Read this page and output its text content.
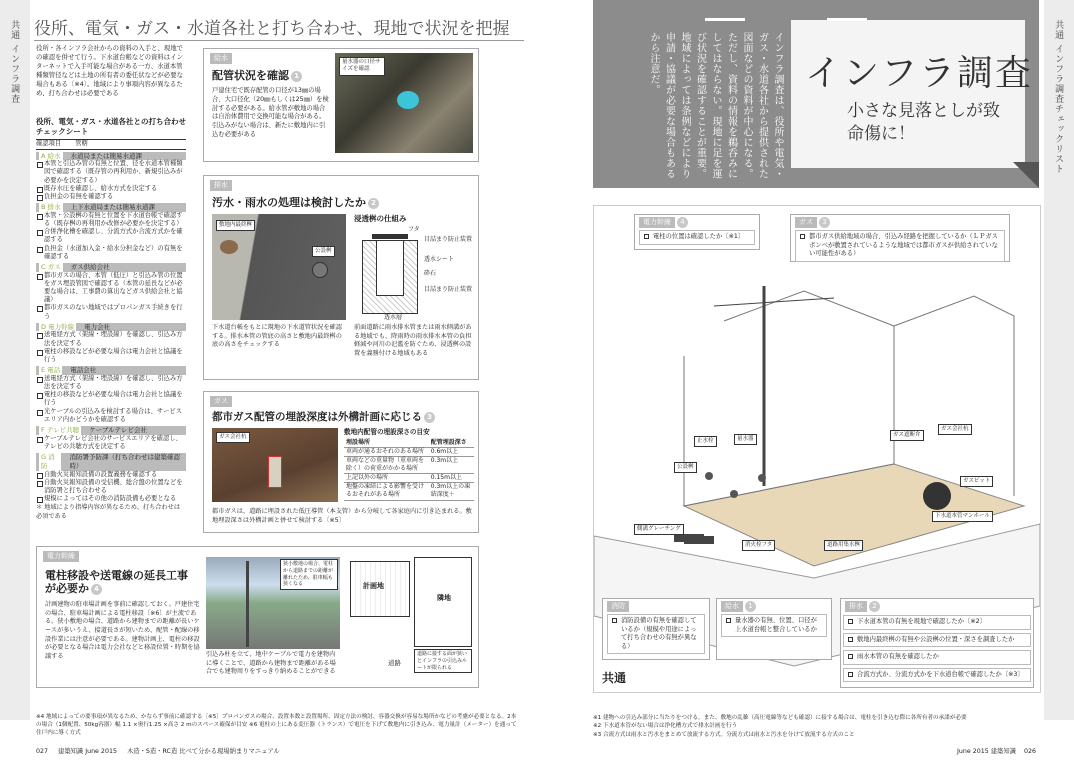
共通 インフラ調査 役所、電気・ガス・水道各社と打ち合わせ、現地で状況を把握
役所・各インフラ会社からの資料の入手と、現地での確認を併せて行う。下水道台帳などの資料はインターネットで入手可能な場合がある一方、水道本管種類管径などは土地の所有者の委任状などが必要な場合もある〔※4〕。地域により事項内容が異なるため、打ち合わせは必要である
役所、電気・ガス・水道各社との打ち合わせチェックシート
確認項目 管轄
A 給水	水道局または簡易水道課
本管と引込み管の有無と位置、径を水道本管種類図で確認する（既存管の再利用か、新規引込みが必要かを決定する）
既存水圧を確認し、給水方式を決定する
負担金の有無を確認する
B 排水	上下水道局または簡易水道課
本管・公設桝の有無と位置を下水道台帳で確認する（既存桝の再利用か改修が必要かを決定する）
合併浄化槽を確認し、分流方式か合流方式かを確認する
負担金（水道加入金・給水分担金など）の有無を確認する
C ガス	ガス供給会社
都市ガスの場合、本管（低圧）と引込み管の位置をガス埋設管図で確認する（本管の延長などが必要な場合は、工事費の算出などガス供給会社と協議）
都市ガスのない地域ではプロパンガス手続きを行う
D 電力幹線	電力会社
送電経方式（架線・埋設線）を確認し、引込み方法を決定する
電柱の移設などが必要な場合は電力会社と協議を行う
E 電話	電話会社
送電経方式（架線・埋設線）を確認し、引込み方法を決定する
電柱の移設などが必要な場合は電力会社と協議を行う
光ケーブルの引込みを検討する場合は、サービスエリア内かどうかを確認する
F テレビ共聴	ケーブルテレビ会社
ケーブルテレビ会社のサービスエリアを確認し、テレビの共聴方式を決定する
G 消防
消防署予防課（打ち合わせは建築確認時）
自動火災報知設備の設置義務を確認する
自動火災報知設備の受信機、総合盤の位置などを消防署と打ち合わせる
規模によってはその他の消防設備も必要となる
＊ 地域により指導内容が異なるため、打ち合わせは必須である
給水
配管状況を確認 1
戸建住宅で既存配管の口径が13㎜の場合、大口径化（20㎜もしくは25㎜）を検討する必要がある。給水管が敷地の場合は自治体費用で交換可能な場合がある。引込みがない場合は、新たに敷地内に引込む必要がある
量水器の口径サイズを確認
排水
汚水・雨水の処理は検討したか 2
敷地内最終桝
公設桝
下水道台帳をもとに現地の下水道管状況を確認する。排水本管の管底の高さと敷地内最終桝の底の高さをチェックする
浸透桝の仕組み
フタ
目詰まり防止装置
透水シート
砕石
目詰まり防止装置
透水層
前面道路に雨水排水管または雨水側溝がある地域でも、降雨時の雨水排水本管の負担軽減や河川の氾濫を防ぐため、浸透桝の設置を義務付ける地域もある
ガス
都市ガス配管の埋設深度は外構計画に応じる 3
ガス会社杭
敷地内配管の埋設深さの目安
埋設場所	配管埋設深さ
車両が通るおそれのある場所	0.6m以上
車両などの重量物（重車両を除く）の荷重がかかる場所	0.3m以上
上記以外の場所	0.15m以上
地盤の凍結による影響を受けるおそれがある場所	0.3m以上の凍結深度＋
都市ガスは、道路に埋設された低圧導管（本支管）から分岐して各家庭内に引き込まれる。敷地埋設深さは外構計画と併せて検討する〔※5〕
電力幹線
電柱移設や送電線の延長工事が必要か 4
計画建物の駐車場計画を事前に確認しておく。戸建住宅の場合、駐車場計画による電柱移設〔※6〕が主流である。狭小敷地の場合、道路から建物までの距離が長いケースが多いうえ、接道長さが短いため、配管・配線の移設作業には注意が必要である。建物計画上、電柱の移設が必要となる場合は電力会社などと移設位置・時期を協議する
狭小敷地の場合、電柱から道路までの距離が離れたため、駐車幅も狭くなる
引込み柱を立て、地中ケーブルで電力を建物内に導くことで、道路から建物まで距離がある場合でも建物周りをすっきり納めることができる
計画地
隣地
道路
道路に接する面が狭いとインフラの引込みルートが限られる
※4 地域によっての要事項が異なるため、かならず事前に確認する〔※5〕プロパンガスの場合、設置本数と設置場所、固定方法の検討、容器交換が容易な場所かなどの考慮が必要となる。2本の場合（1個配置、50kg容器）幅 1.1 ×奥行1.25 ×高さ 2 mのスペース確保が目安 ※6 電柱の上にある変圧器（トランス）で電圧を下げて敷地内に引き込み、電力量計（メーター）を通って住戸内に導く方式
027 建築知識 June 2015 木造・S造・RC造 比べて分かる現場納まりマニュアル
共通 インフラ調査チェックリスト
インフラ調査は、役所や電気・ガス・水道各社から提供された図面などの資料が中心になる。ただし、資料の情報を鵜呑みにしてはならない。現地に足を運び状況を確認することが重要。地域によっては条例などにより申請・協議が必要な場合もあるから注意だ。	インフラ調査
小さな見落としが致命傷に！
止水栓	量水器
公設桝
ガス遮断弁
ガス会社杭
ガスピット
下水道本管マンホール
側溝グレーチング
消火栓フタ	道路用集水桝
電力幹線 4
電柱の位置は確認したか〔※1〕
ガス 3
都市ガス供給地域の場合、引込み経路を把握しているか（ＬＰガスボンベが敷置されているような地域では都市ガスが供給されていない可能性がある）
消防
消防設備の有無を確認しているか（規模や用途によって打ち合わせの有無が異なる）
給水 1
量水器の有無、位置、口径が上水道台帳と整合しているか
排水 2
下水道本管の有無を現地で確認したか〔※2〕
敷地内最終桝の有無や公設桝の位置・深さを調査したか
雨水本管の有無を確認したか
合流方式か、分流方式かを下水道台帳で確認したか〔※3〕
共通
※1 建物への引込み部分に当たりをつける。また、敷地の乱雑（高圧電線等なども確認）に接する場合は、電柱を引き込む際に各所有者の承諾が必要
※2 下水道本管がない場合は浄化槽方式で排水計画を行う
※3 合流方式は雨水と汚水をまとめて放流する方式。分流方式は雨水と汚水を分けて放流する方式のこと
June 2015 建築知識 026
